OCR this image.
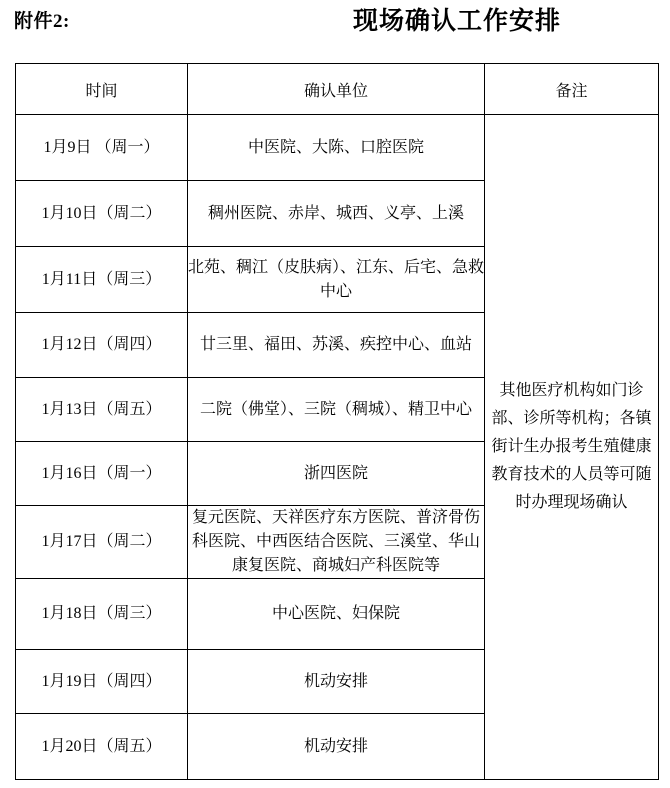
附件2:	现场确认工作安排
时间	确认单位	备注
1月9日 （周一）	中医院、大陈、口腔医院	其他医疗机构如门诊部、诊所等机构；各镇街计生办报考生殖健康教育技术的人员等可随时办理现场确认
1月10日（周二）	稠州医院、赤岸、城西、义亭、上溪	
1月11日（周三）	北苑、稠江（皮肤病）、江东、后宅、急救中心	
1月12日（周四）	廿三里、福田、苏溪、疾控中心、血站	
1月13日（周五）	二院（佛堂）、三院（稠城）、精卫中心	
1月16日（周一）	浙四医院	
1月17日（周二）	复元医院、天祥医疗东方医院、普济骨伤科医院、中西医结合医院、三溪堂、华山康复医院、商城妇产科医院等	
1月18日（周三）	中心医院、妇保院	
1月19日（周四）	机动安排	
1月20日（周五）	机动安排	
